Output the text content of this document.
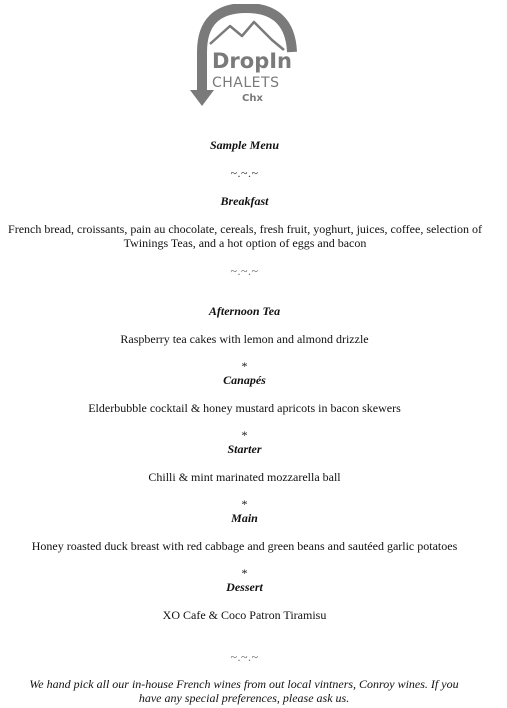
DropIn
CHALETS
Chx
Sample Menu
~.~.~
Breakfast
French bread, croissants, pain au chocolate, cereals, fresh fruit, yoghurt, juices, coffee, selection of Twinings Teas, and a hot option of eggs and bacon
~.~.~
Afternoon Tea
Raspberry tea cakes with lemon and almond drizzle
*
Canapés
Elderbubble cocktail & honey mustard apricots in bacon skewers
*
Starter
Chilli & mint marinated mozzarella ball
*
Main
Honey roasted duck breast with red cabbage and green beans and sautéed garlic potatoes
*
Dessert
XO Cafe & Coco Patron Tiramisu
~.~.~
We hand pick all our in-house French wines from out local vintners, Conroy wines. If you have any special preferences, please ask us.
